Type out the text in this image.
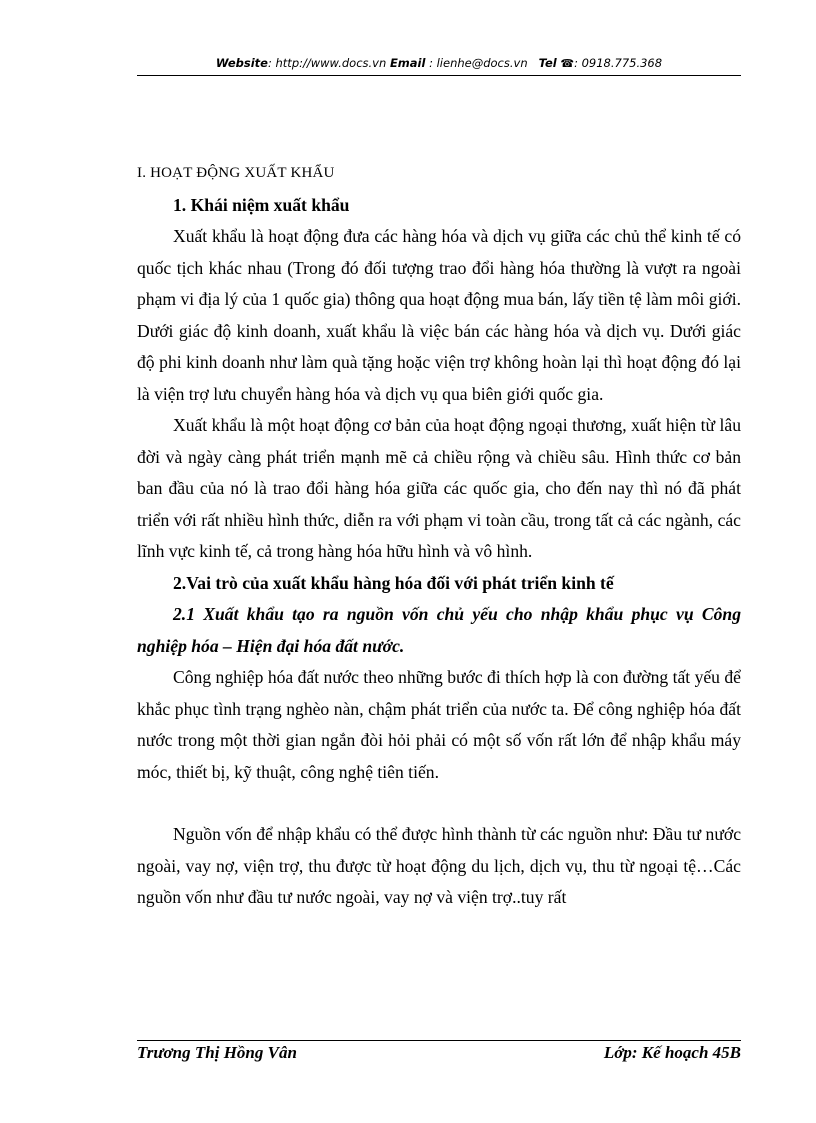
Website: http://www.docs.vn Email : lienhe@docs.vn Tel ☎: 0918.775.368

I. HOẠT ĐỘNG XUẤT KHẨU

1. Khái niệm xuất khẩu

Xuất khẩu là hoạt động đưa các hàng hóa và dịch vụ giữa các chủ thể kinh tế có quốc tịch khác nhau (Trong đó đối tượng trao đổi hàng hóa thường là vượt ra ngoài phạm vi địa lý của 1 quốc gia) thông qua hoạt động mua bán, lấy tiền tệ làm môi giới. Dưới giác độ kinh doanh, xuất khẩu là việc bán các hàng hóa và dịch vụ. Dưới giác độ phi kinh doanh như làm quà tặng hoặc viện trợ không hoàn lại thì hoạt động đó lại là viện trợ lưu chuyển hàng hóa và dịch vụ qua biên giới quốc gia.

Xuất khẩu là một hoạt động cơ bản của hoạt động ngoại thương, xuất hiện từ lâu đời và ngày càng phát triển mạnh mẽ cả chiều rộng và chiều sâu. Hình thức cơ bản ban đầu của nó là trao đổi hàng hóa giữa các quốc gia, cho đến nay thì nó đã phát triển với rất nhiều hình thức, diễn ra với phạm vi toàn cầu, trong tất cả các ngành, các lĩnh vực kinh tế, cả trong hàng hóa hữu hình và vô hình.

2.Vai trò của xuất khẩu hàng hóa đối với phát triển kinh tế

2.1 Xuất khẩu tạo ra nguồn vốn chủ yếu cho nhập khẩu phục vụ Công nghiệp hóa – Hiện đại hóa đất nước.

Công nghiệp hóa đất nước theo những bước đi thích hợp là con đường tất yếu để khắc phục tình trạng nghèo nàn, chậm phát triển của nước ta. Để công nghiệp hóa đất nước trong một thời gian ngắn đòi hỏi phải có một số vốn rất lớn để nhập khẩu máy móc, thiết bị, kỹ thuật, công nghệ tiên tiến.

Nguồn vốn để nhập khẩu có thể được hình thành từ các nguồn như: Đầu tư nước ngoài, vay nợ, viện trợ, thu được từ hoạt động du lịch, dịch vụ, thu từ ngoại tệ…Các nguồn vốn như đầu tư nước ngoài, vay nợ và viện trợ..tuy rất

Trương Thị Hồng Vân	Lớp: Kế hoạch 45B
